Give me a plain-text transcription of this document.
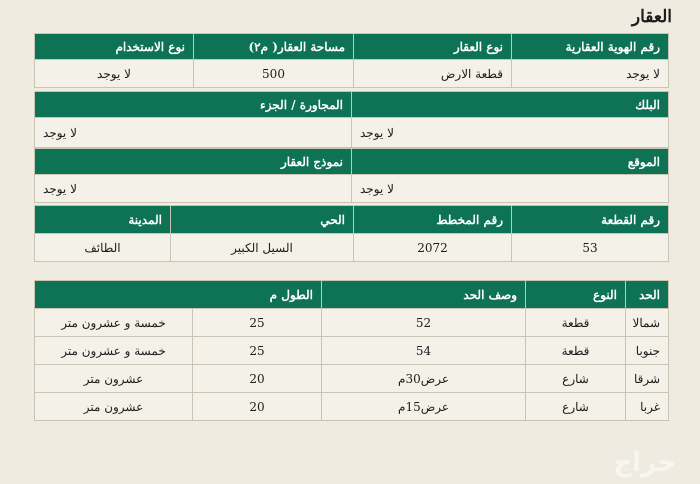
العقار
رقم الهوية العقارية	نوع العقار	مساحة العقار( م٢)	نوع الاستخدام
لا يوجد	قطعة الارض	500	لا يوجد
البلك	المجاورة / الجزء
لا يوجد	لا يوجد
الموقع	نموذج العقار
لا يوجد	لا يوجد
رقم القطعة	رقم المخطط	الحي	المدينة
53	2072	السيل الكبير	الطائف
الحد	النوع	وصف الحد	الطول م	
شمالا	قطعة	52	25	خمسة و عشرون متر
جنوبا	قطعة	54	25	خمسة و عشرون متر
شرقا	شارع	عرض30م	20	عشرون متر
غربا	شارع	عرض15م	20	عشرون متر
حراج
